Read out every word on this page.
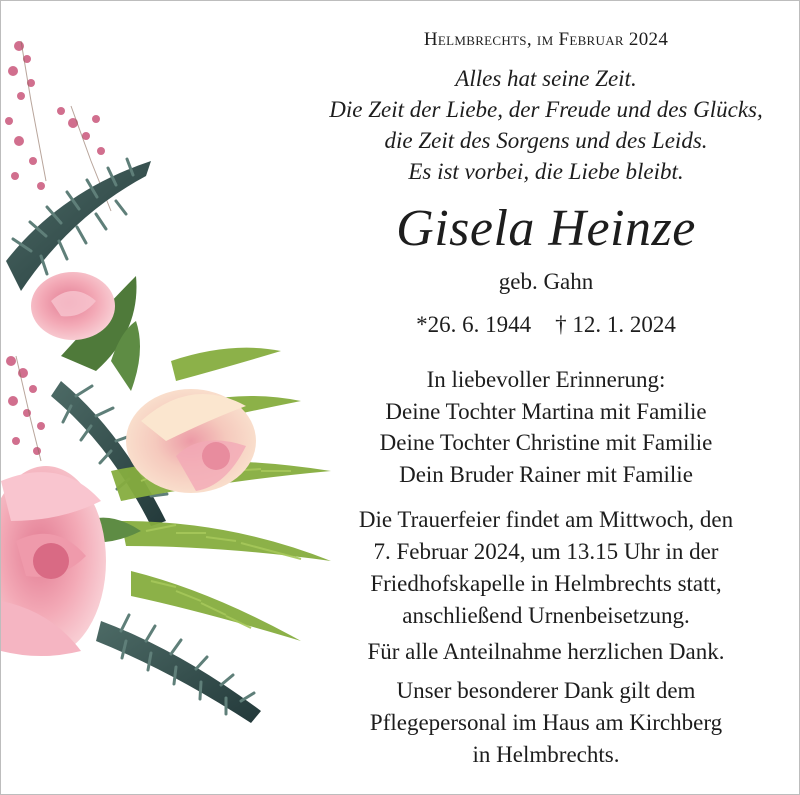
Helmbrechts, im Februar 2024
Alles hat seine Zeit.
Die Zeit der Liebe, der Freude und des Glücks,
die Zeit des Sorgens und des Leids.
Es ist vorbei, die Liebe bleibt.
Gisela Heinze
geb. Gahn
*26. 6. 1944 † 12. 1. 2024
In liebevoller Erinnerung:
Deine Tochter Martina mit Familie
Deine Tochter Christine mit Familie
Dein Bruder Rainer mit Familie
Die Trauerfeier findet am Mittwoch, den
7. Februar 2024, um 13.15 Uhr in der
Friedhofskapelle in Helmbrechts statt,
anschließend Urnenbeisetzung.
Für alle Anteilnahme herzlichen Dank.
Unser besonderer Dank gilt dem
Pflegepersonal im Haus am Kirchberg
in Helmbrechts.
